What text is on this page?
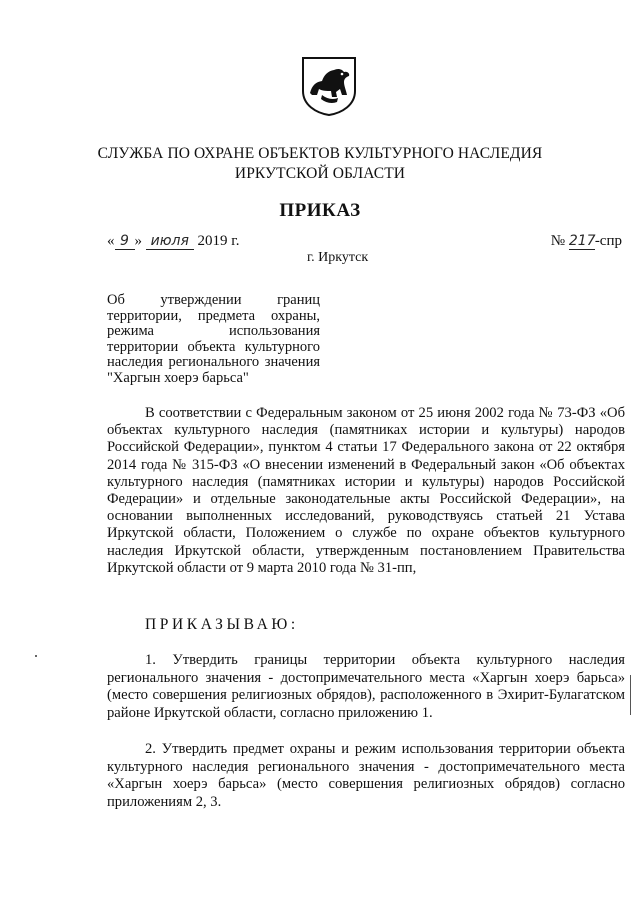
СЛУЖБА ПО ОХРАНЕ ОБЪЕКТОВ КУЛЬТУРНОГО НАСЛЕДИЯ
ИРКУТСКОЙ ОБЛАСТИ
ПРИКАЗ
« 9 » июля 2019 г.	№ 217-спр
г. Иркутск
Об утверждении границ территории, предмета охраны, режима использования территории объекта культурного наследия регионального значения "Харгын хоерэ барьса"
В соответствии с Федеральным законом от 25 июня 2002 года № 73-ФЗ «Об объектах культурного наследия (памятниках истории и культуры) народов Российской Федерации», пунктом 4 статьи 17 Федерального закона от 22 октября 2014 года № 315-ФЗ «О внесении изменений в Федеральный закон «Об объектах культурного наследия (памятниках истории и культуры) народов Российской Федерации» и отдельные законодательные акты Российской Федерации», на основании выполненных исследований, руководствуясь статьей 21 Устава Иркутской области, Положением о службе по охране объектов культурного наследия Иркутской области, утвержденным постановлением Правительства Иркутской области от 9 марта 2010 года № 31-пп,
ПРИКАЗЫВАЮ:
1. Утвердить границы территории объекта культурного наследия регионального значения - достопримечательного места «Харгын хоерэ барьса» (место совершения религиозных обрядов), расположенного в Эхирит-Булагатском районе Иркутской области, согласно приложению 1.
2. Утвердить предмет охраны и режим использования территории объекта культурного наследия регионального значения - достопримечательного места «Харгын хоерэ барьса» (место совершения религиозных обрядов) согласно приложениям 2, 3.
